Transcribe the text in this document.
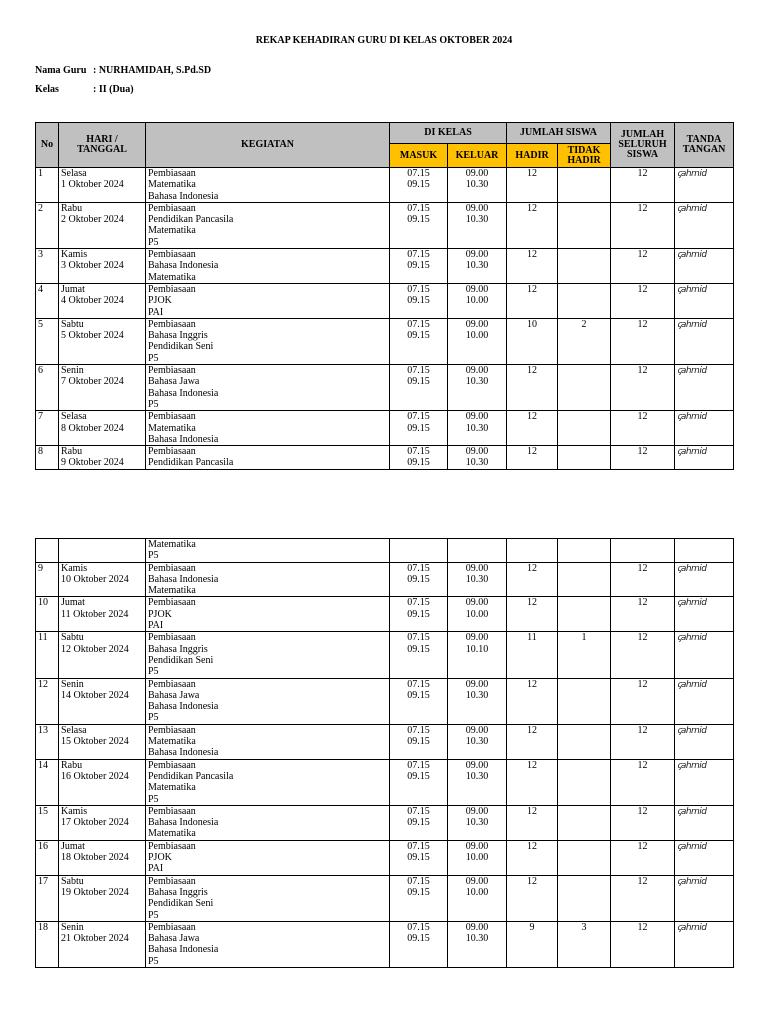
REKAP KEHADIRAN GURU DI KELAS OKTOBER 2024
Nama Guru : NURHAMIDAH, S.Pd.SD
Kelas	: II (Dua)
No	HARI / TANGGAL	KEGIATAN	DI KELAS		JUMLAH SISWA		JUMLAH SELURUH SISWA	TANDA TANGAN
			MASUK	KELUAR	HADIR	TIDAK HADIR		
1	Selasa
1 Oktober 2024	Pembiasaan
Matematika
Bahasa Indonesia	07.15
09.15	09.00
10.30	12		12	ꞔahmid

2	Rabu
2 Oktober 2024	Pembiasaan
Pendidikan Pancasila
Matematika
P5	07.15
09.15	09.00
10.30	12		12	ꞔahmid

3	Kamis
3 Oktober 2024	Pembiasaan
Bahasa Indonesia
Matematika	07.15
09.15	09.00
10.30	12		12	ꞔahmid

4	Jumat
4 Oktober 2024	Pembiasaan
PJOK
PAI	07.15
09.15	09.00
10.00	12		12	ꞔahmid

5	Sabtu
5 Oktober 2024	Pembiasaan
Bahasa Inggris
Pendidikan Seni
P5	07.15
09.15	09.00
10.00	10	2	12	ꞔahmid

6	Senin
7 Oktober 2024	Pembiasaan
Bahasa Jawa
Bahasa Indonesia
P5	07.15
09.15	09.00
10.30	12		12	ꞔahmid

7	Selasa
8 Oktober 2024	Pembiasaan
Matematika
Bahasa Indonesia	07.15
09.15	09.00
10.30	12		12	ꞔahmid

8	Rabu
9 Oktober 2024	Pembiasaan
Pendidikan Pancasila	07.15
09.15	09.00
10.30	12		12	ꞔahmid

		Matematika
P5						

9	Kamis
10 Oktober 2024	Pembiasaan
Bahasa Indonesia
Matematika	07.15
09.15	09.00
10.30	12		12	ꞔahmid

10	Jumat
11 Oktober 2024	Pembiasaan
PJOK
PAI	07.15
09.15	09.00
10.00	12		12	ꞔahmid

11	Sabtu
12 Oktober 2024	Pembiasaan
Bahasa Inggris
Pendidikan Seni
P5	07.15
09.15	09.00
10.10	11	1	12	ꞔahmid

12	Senin
14 Oktober 2024	Pembiasaan
Bahasa Jawa
Bahasa Indonesia
P5	07.15
09.15	09.00
10.30	12		12	ꞔahmid

13	Selasa
15 Oktober 2024	Pembiasaan
Matematika
Bahasa Indonesia	07.15
09.15	09.00
10.30	12		12	ꞔahmid

14	Rabu
16 Oktober 2024	Pembiasaan
Pendidikan Pancasila
Matematika
P5	07.15
09.15	09.00
10.30	12		12	ꞔahmid

15	Kamis
17 Oktober 2024	Pembiasaan
Bahasa Indonesia
Matematika	07.15
09.15	09.00
10.30	12		12	ꞔahmid

16	Jumat
18 Oktober 2024	Pembiasaan
PJOK
PAI	07.15
09.15	09.00
10.00	12		12	ꞔahmid

17	Sabtu
19 Oktober 2024	Pembiasaan
Bahasa Inggris
Pendidikan Seni
P5	07.15
09.15	09.00
10.00	12		12	ꞔahmid

18	Senin
21 Oktober 2024	Pembiasaan
Bahasa Jawa
Bahasa Indonesia
P5	07.15
09.15	09.00
10.30	9	3	12	ꞔahmid
